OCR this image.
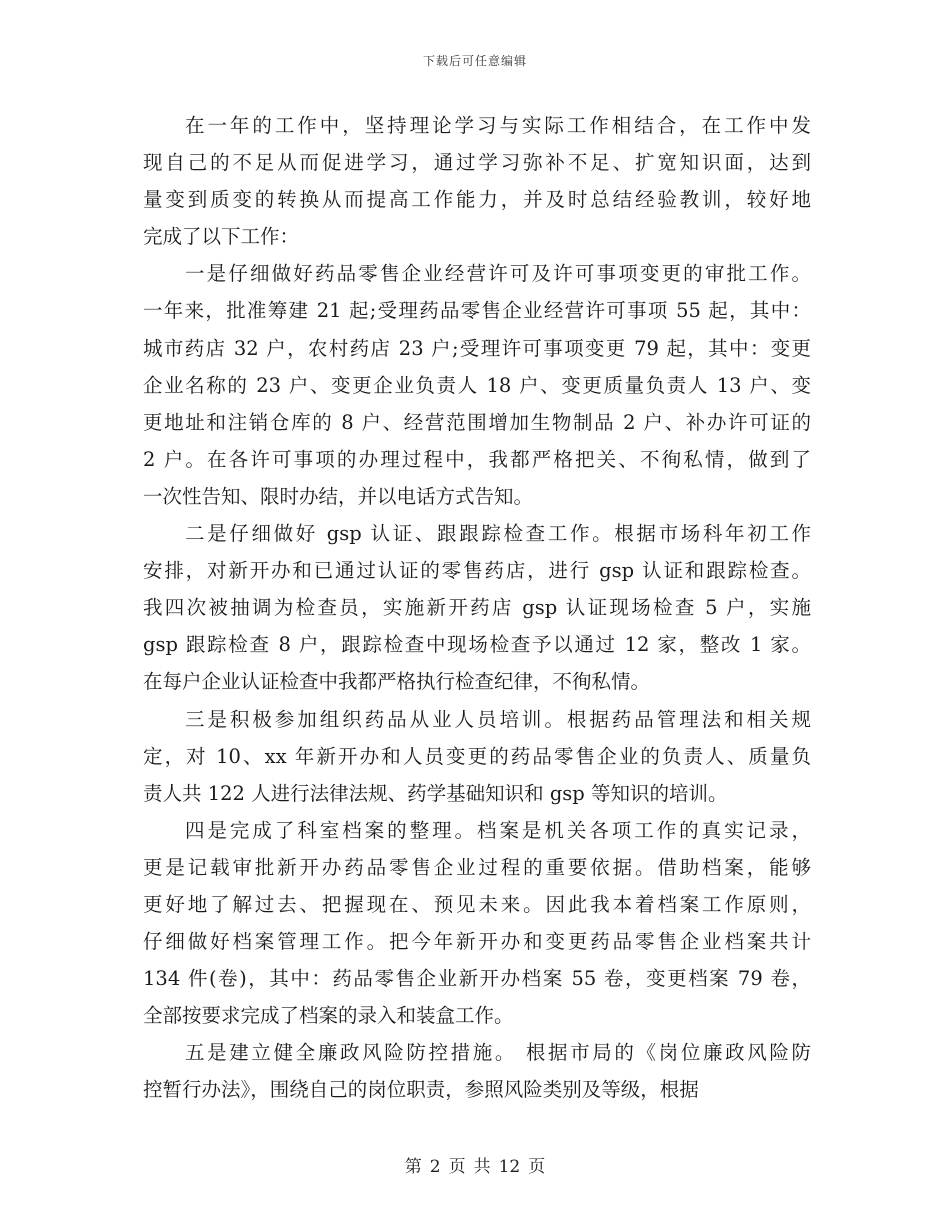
下载后可任意编辑
在一年的工作中，坚持理论学习与实际工作相结合，在工作中发
现自己的不足从而促进学习，通过学习弥补不足、扩宽知识面，达到
量变到质变的转换从而提高工作能力，并及时总结经验教训，较好地
完成了以下工作：
一是仔细做好药品零售企业经营许可及许可事项变更的审批工作。
一年来，批准筹建 21 起;受理药品零售企业经营许可事项 55 起，其中：
城市药店 32 户，农村药店 23 户;受理许可事项变更 79 起，其中：变更
企业名称的 23 户、变更企业负责人 18 户、变更质量负责人 13 户、变
更地址和注销仓库的 8 户、经营范围增加生物制品 2 户、补办许可证的
2 户。在各许可事项的办理过程中，我都严格把关、不徇私情，做到了
一次性告知、限时办结，并以电话方式告知。
二是仔细做好 gsp 认证、跟跟踪检查工作。根据市场科年初工作
安排，对新开办和已通过认证的零售药店，进行 gsp 认证和跟踪检查。
我四次被抽调为检查员，实施新开药店 gsp 认证现场检查 5 户，实施
gsp 跟踪检查 8 户，跟踪检查中现场检查予以通过 12 家，整改 1 家。
在每户企业认证检查中我都严格执行检查纪律，不徇私情。
三是积极参加组织药品从业人员培训。根据药品管理法和相关规
定，对 10、xx 年新开办和人员变更的药品零售企业的负责人、质量负
责人共 122 人进行法律法规、药学基础知识和 gsp 等知识的培训。
四是完成了科室档案的整理。档案是机关各项工作的真实记录，
更是记载审批新开办药品零售企业过程的重要依据。借助档案，能够
更好地了解过去、把握现在、预见未来。因此我本着档案工作原则，
仔细做好档案管理工作。把今年新开办和变更药品零售企业档案共计
134 件(卷)，其中：药品零售企业新开办档案 55 卷，变更档案 79 卷，
全部按要求完成了档案的录入和装盒工作。
五是建立健全廉政风险防控措施。 根据市局的《岗位廉政风险防
控暂行办法》，围绕自己的岗位职责，参照风险类别及等级，根据
第 2 页 共 12 页
